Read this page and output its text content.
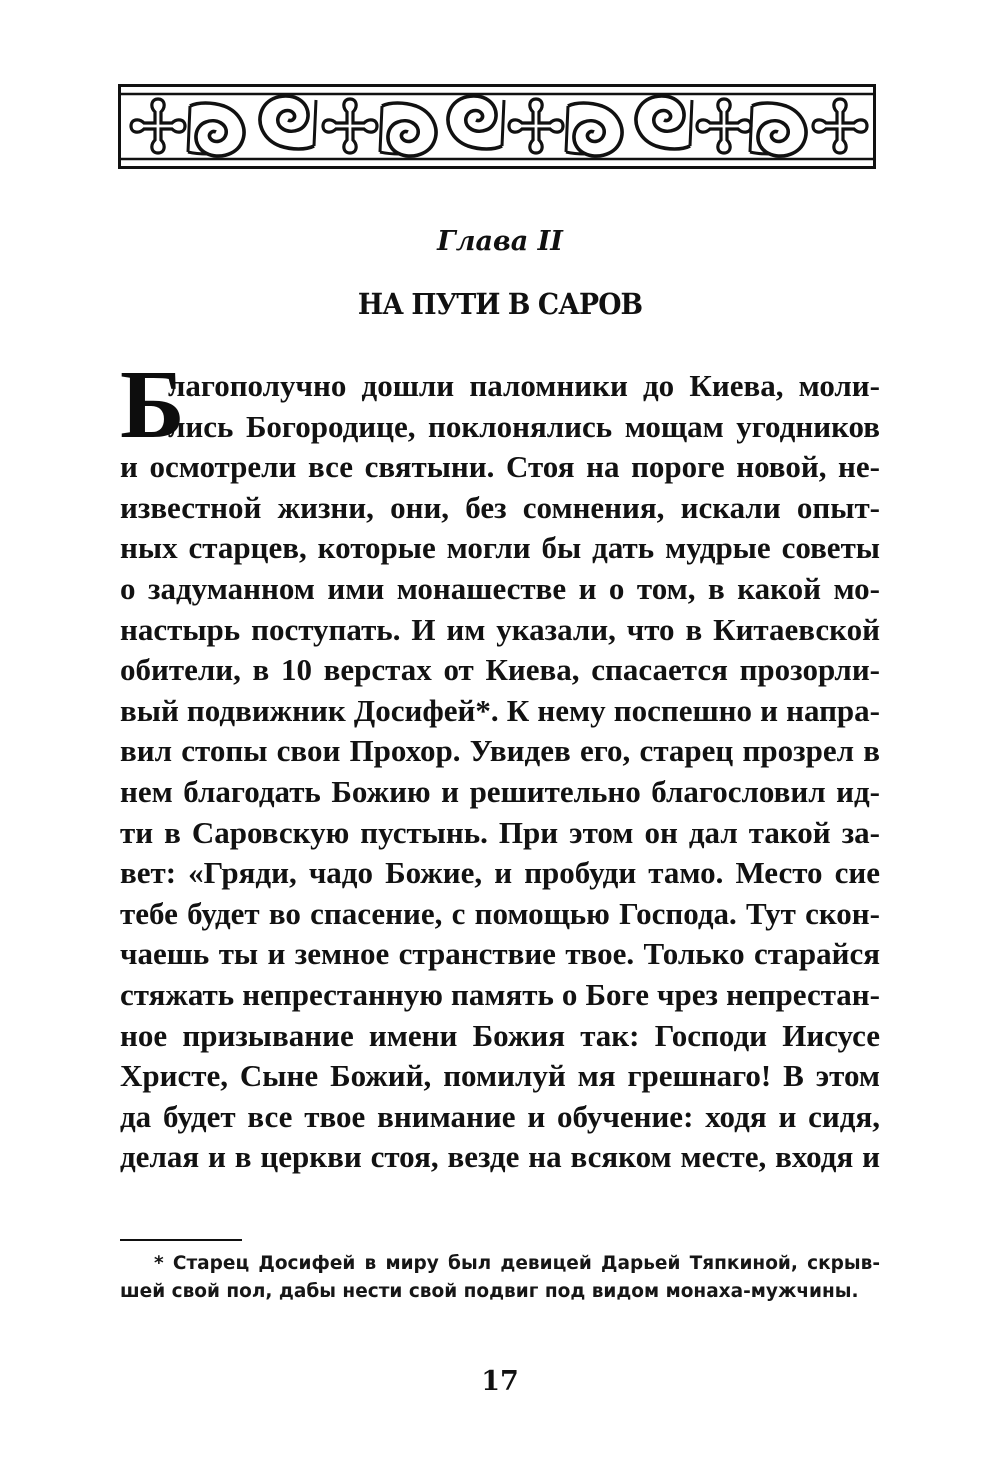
Глава II
НА ПУТИ В САРОВ
Б
лагополучно дошли паломники до Киева, моли-
лись Богородице, поклонялись мощам угодников
и осмотрели все святыни. Стоя на пороге новой, не-
известной жизни, они, без сомнения, искали опыт-
ных старцев, которые могли бы дать мудрые советы
о задуманном ими монашестве и о том, в какой мо-
настырь поступать. И им указали, что в Китаевской
обители, в 10 верстах от Киева, спасается прозорли-
вый подвижник Досифей*. К нему поспешно и напра-
вил стопы свои Прохор. Увидев его, старец прозрел в
нем благодать Божию и решительно благословил ид-
ти в Саровскую пустынь. При этом он дал такой за-
вет: «Гряди, чадо Божие, и пробуди тамо. Место сие
тебе будет во спасение, с помощью Господа. Тут скон-
чаешь ты и земное странствие твое. Только старайся
стяжать непрестанную память о Боге чрез непрестан-
ное призывание имени Божия так: Господи Иисусе
Христе, Сыне Божий, помилуй мя грешнаго! В этом
да будет все твое внимание и обучение: ходя и сидя,
делая и в церкви стоя, везде на всяком месте, входя и
* Старец Досифей в миру был девицей Дарьей Тяпкиной, скрыв-
шей свой пол, дабы нести свой подвиг под видом монаха-мужчины.
17
